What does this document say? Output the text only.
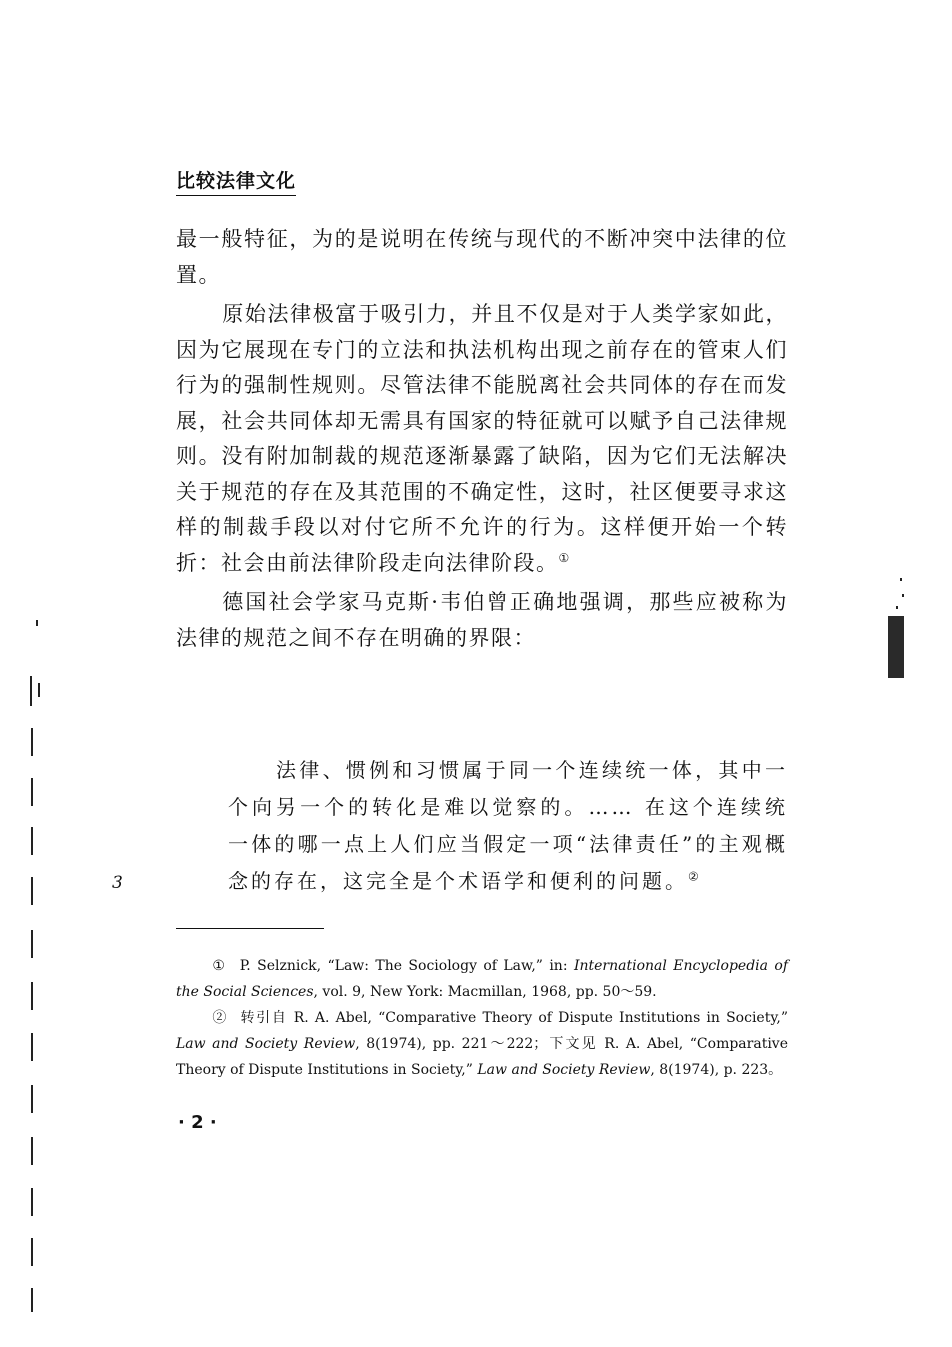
比较法律文化

最一般特征，为的是说明在传统与现代的不断冲突中法律的位置。

原始法律极富于吸引力，并且不仅是对于人类学家如此，因为它展现在专门的立法和执法机构出现之前存在的管束人们行为的强制性规则。尽管法律不能脱离社会共同体的存在而发展，社会共同体却无需具有国家的特征就可以赋予自己法律规则。没有附加制裁的规范逐渐暴露了缺陷，因为它们无法解决关于规范的存在及其范围的不确定性，这时，社区便要寻求这样的制裁手段以对付它所不允许的行为。这样便开始一个转折：社会由前法律阶段走向法律阶段。①

德国社会学家马克斯·韦伯曾正确地强调，那些应被称为法律的规范之间不存在明确的界限：

法律、惯例和习惯属于同一个连续统一体，其中一个向另一个的转化是难以觉察的。…… 在这个连续统一体的哪一点上人们应当假定一项“法律责任”的主观概念的存在，这完全是个术语学和便利的问题。②

① P. Selznick, “Law: The Sociology of Law,” in: International Encyclopedia of the Social Sciences, vol. 9, New York: Macmillan, 1968, pp. 50～59.

② 转引自 R. A. Abel, “Comparative Theory of Dispute Institutions in Society,” Law and Society Review, 8(1974), pp. 221～222；下文见 R. A. Abel, “Comparative Theory of Dispute Institutions in Society,” Law and Society Review, 8(1974), p. 223。

· 2 ·
3
